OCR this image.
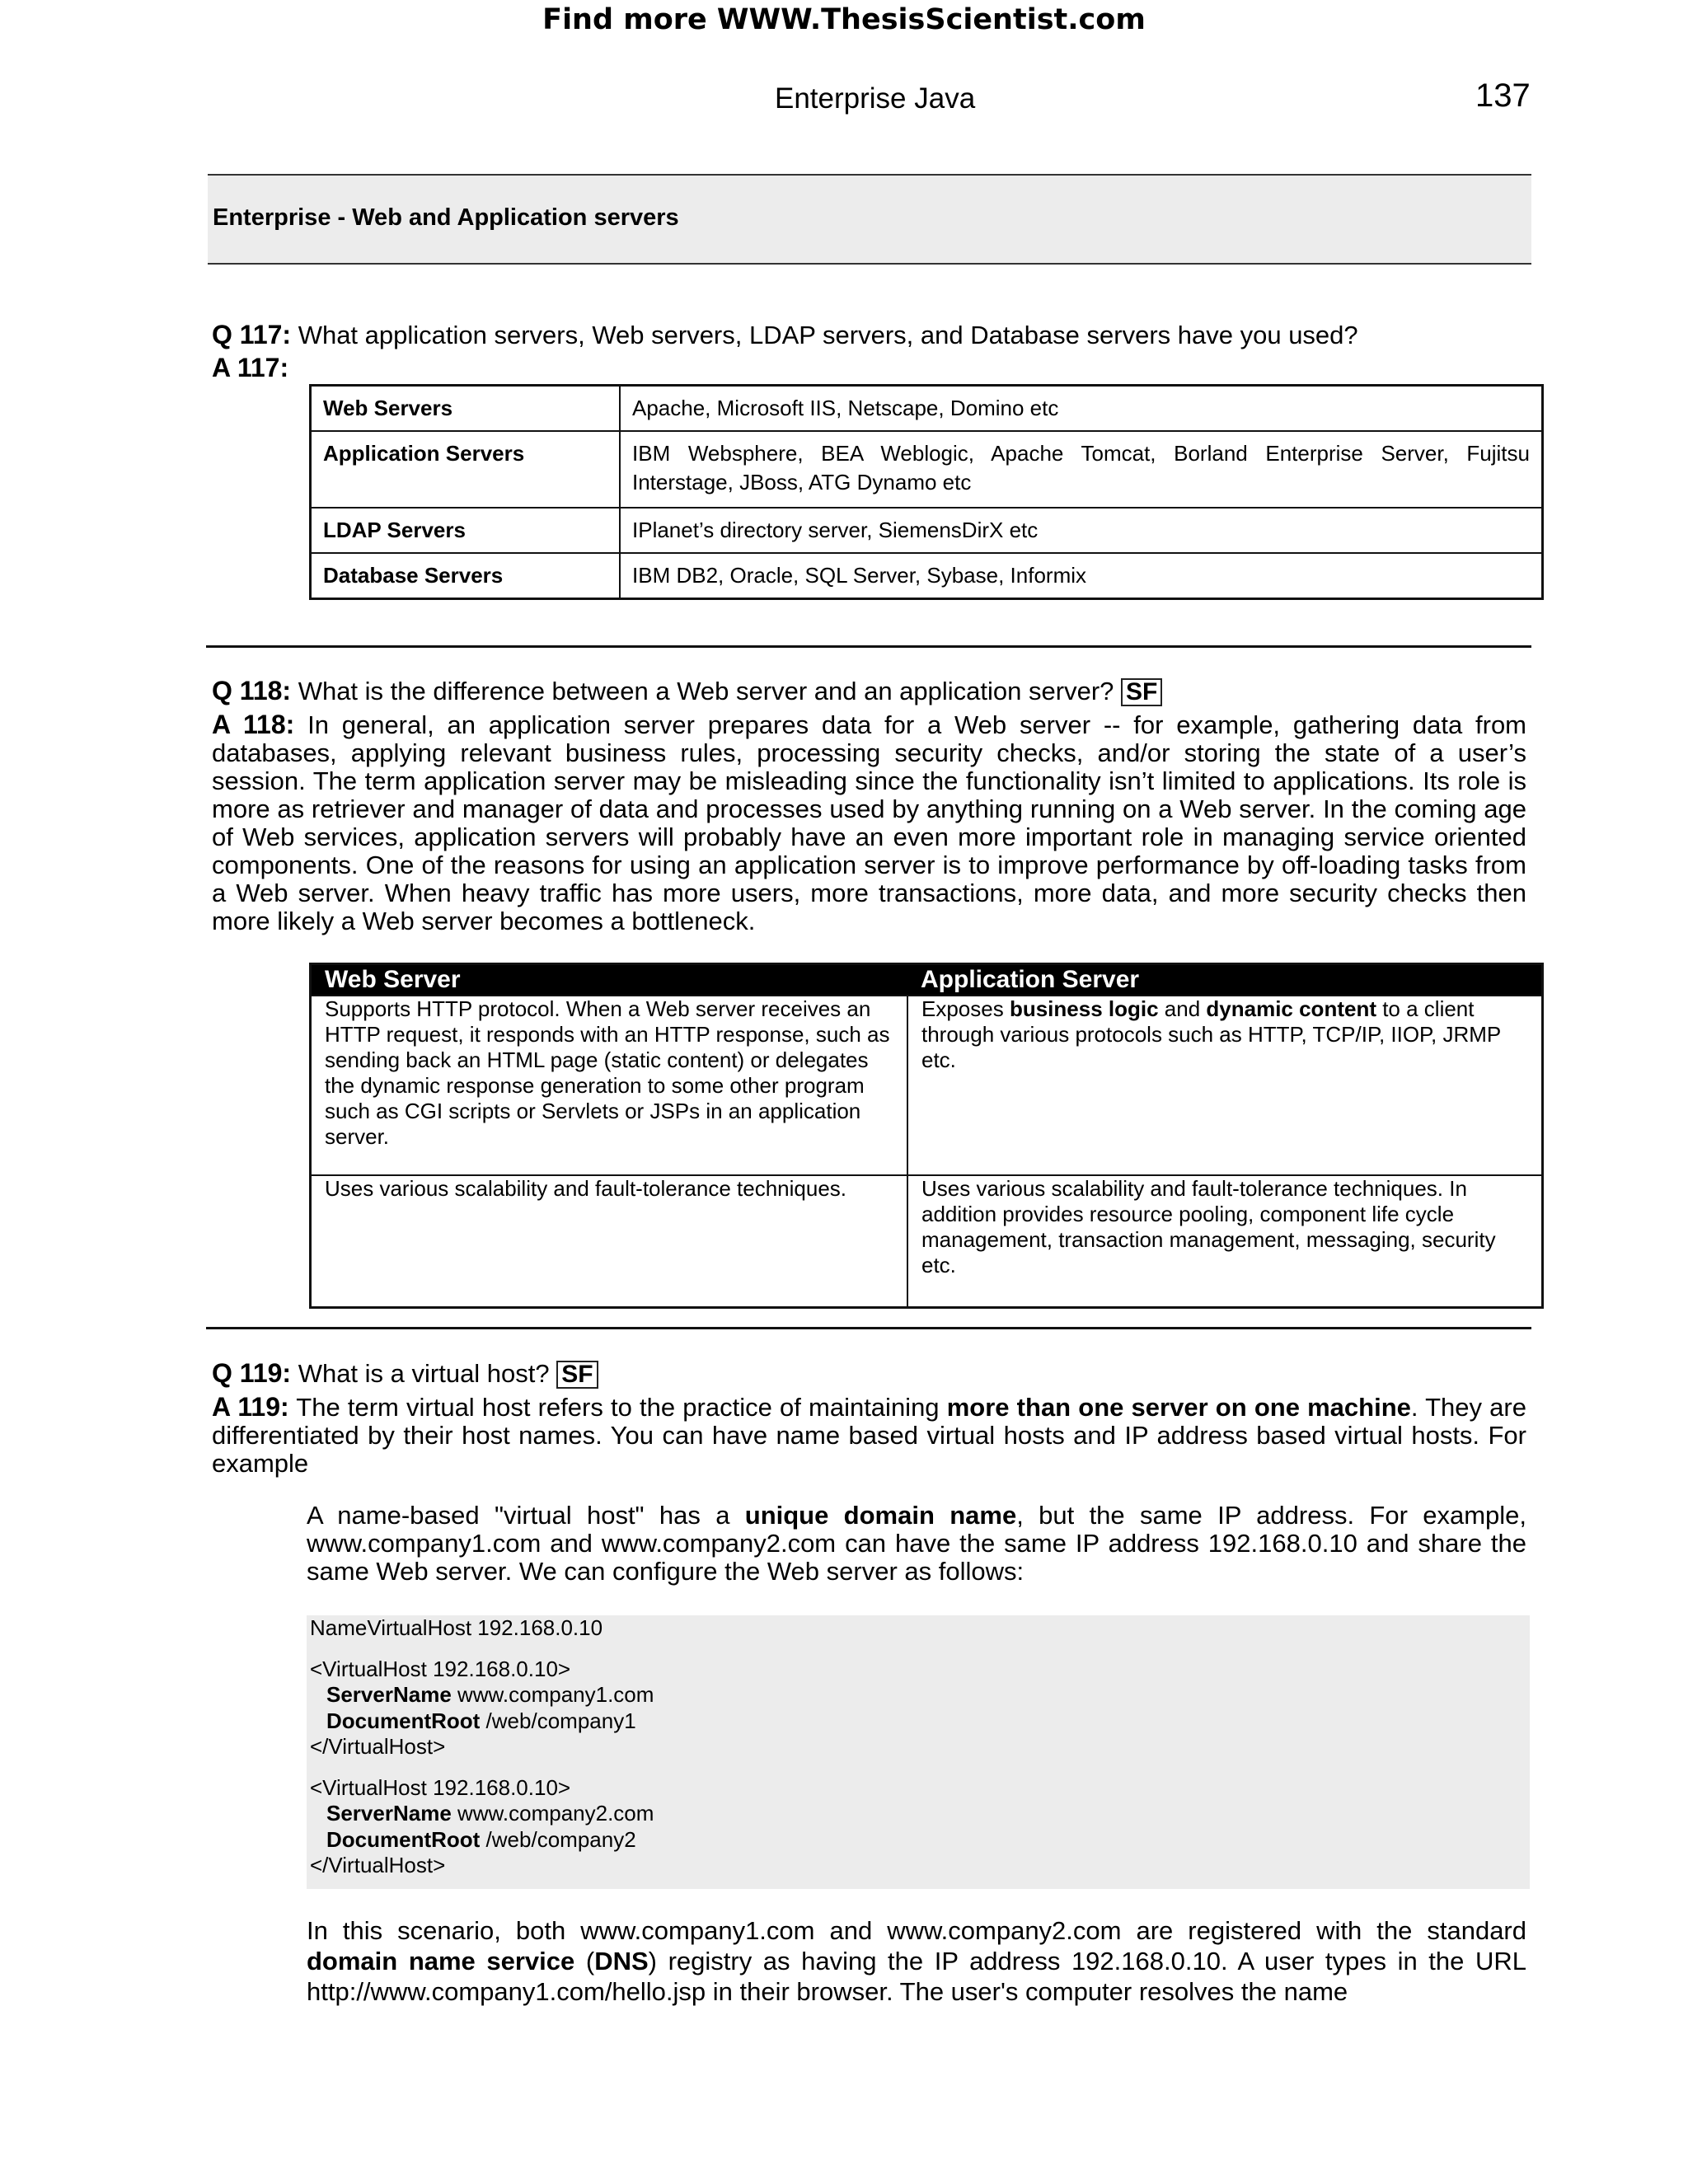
Find more WWW.ThesisScientist.com
Enterprise Java	137
Enterprise - Web and Application servers
Q 117: What application servers, Web servers, LDAP servers, and Database servers have you used?
A 117:
Web Servers	Apache, Microsoft IIS, Netscape, Domino etc
Application Servers	IBM Websphere, BEA Weblogic, Apache Tomcat, Borland Enterprise Server, Fujitsu Interstage, JBoss, ATG Dynamo etc
LDAP Servers	IPlanet’s directory server, SiemensDirX etc
Database Servers	IBM DB2, Oracle, SQL Server, Sybase, Informix
Q 118: What is the difference between a Web server and an application server? SF
A 118: In general, an application server prepares data for a Web server -- for example, gathering data from databases, applying relevant business rules, processing security checks, and/or storing the state of a user’s session. The term application server may be misleading since the functionality isn’t limited to applications. Its role is more as retriever and manager of data and processes used by anything running on a Web server. In the coming age of Web services, application servers will probably have an even more important role in managing service oriented components. One of the reasons for using an application server is to improve performance by off-loading tasks from a Web server. When heavy traffic has more users, more transactions, more data, and more security checks then more likely a Web server becomes a bottleneck.
Web Server	Application Server
Supports HTTP protocol. When a Web server receives an HTTP request, it responds with an HTTP response, such as sending back an HTML page (static content) or delegates the dynamic response generation to some other program such as CGI scripts or Servlets or JSPs in an application server.	Exposes business logic and dynamic content to a client through various protocols such as HTTP, TCP/IP, IIOP, JRMP etc.
Uses various scalability and fault-tolerance techniques.	Uses various scalability and fault-tolerance techniques. In addition provides resource pooling, component life cycle management, transaction management, messaging, security etc.
Q 119: What is a virtual host? SF
A 119: The term virtual host refers to the practice of maintaining more than one server on one machine. They are differentiated by their host names. You can have name based virtual hosts and IP address based virtual hosts. For example
A name-based "virtual host" has a unique domain name, but the same IP address. For example, www.company1.com and www.company2.com can have the same IP address 192.168.0.10 and share the same Web server. We can configure the Web server as follows:
NameVirtualHost 192.168.0.10
<VirtualHost 192.168.0.10>
ServerName www.company1.com
DocumentRoot /web/company1
</VirtualHost>
<VirtualHost 192.168.0.10>
ServerName www.company2.com
DocumentRoot /web/company2
</VirtualHost>
In this scenario, both www.company1.com and www.company2.com are registered with the standard domain name service (DNS) registry as having the IP address 192.168.0.10. A user types in the URL http://www.company1.com/hello.jsp in their browser. The user's computer resolves the name
